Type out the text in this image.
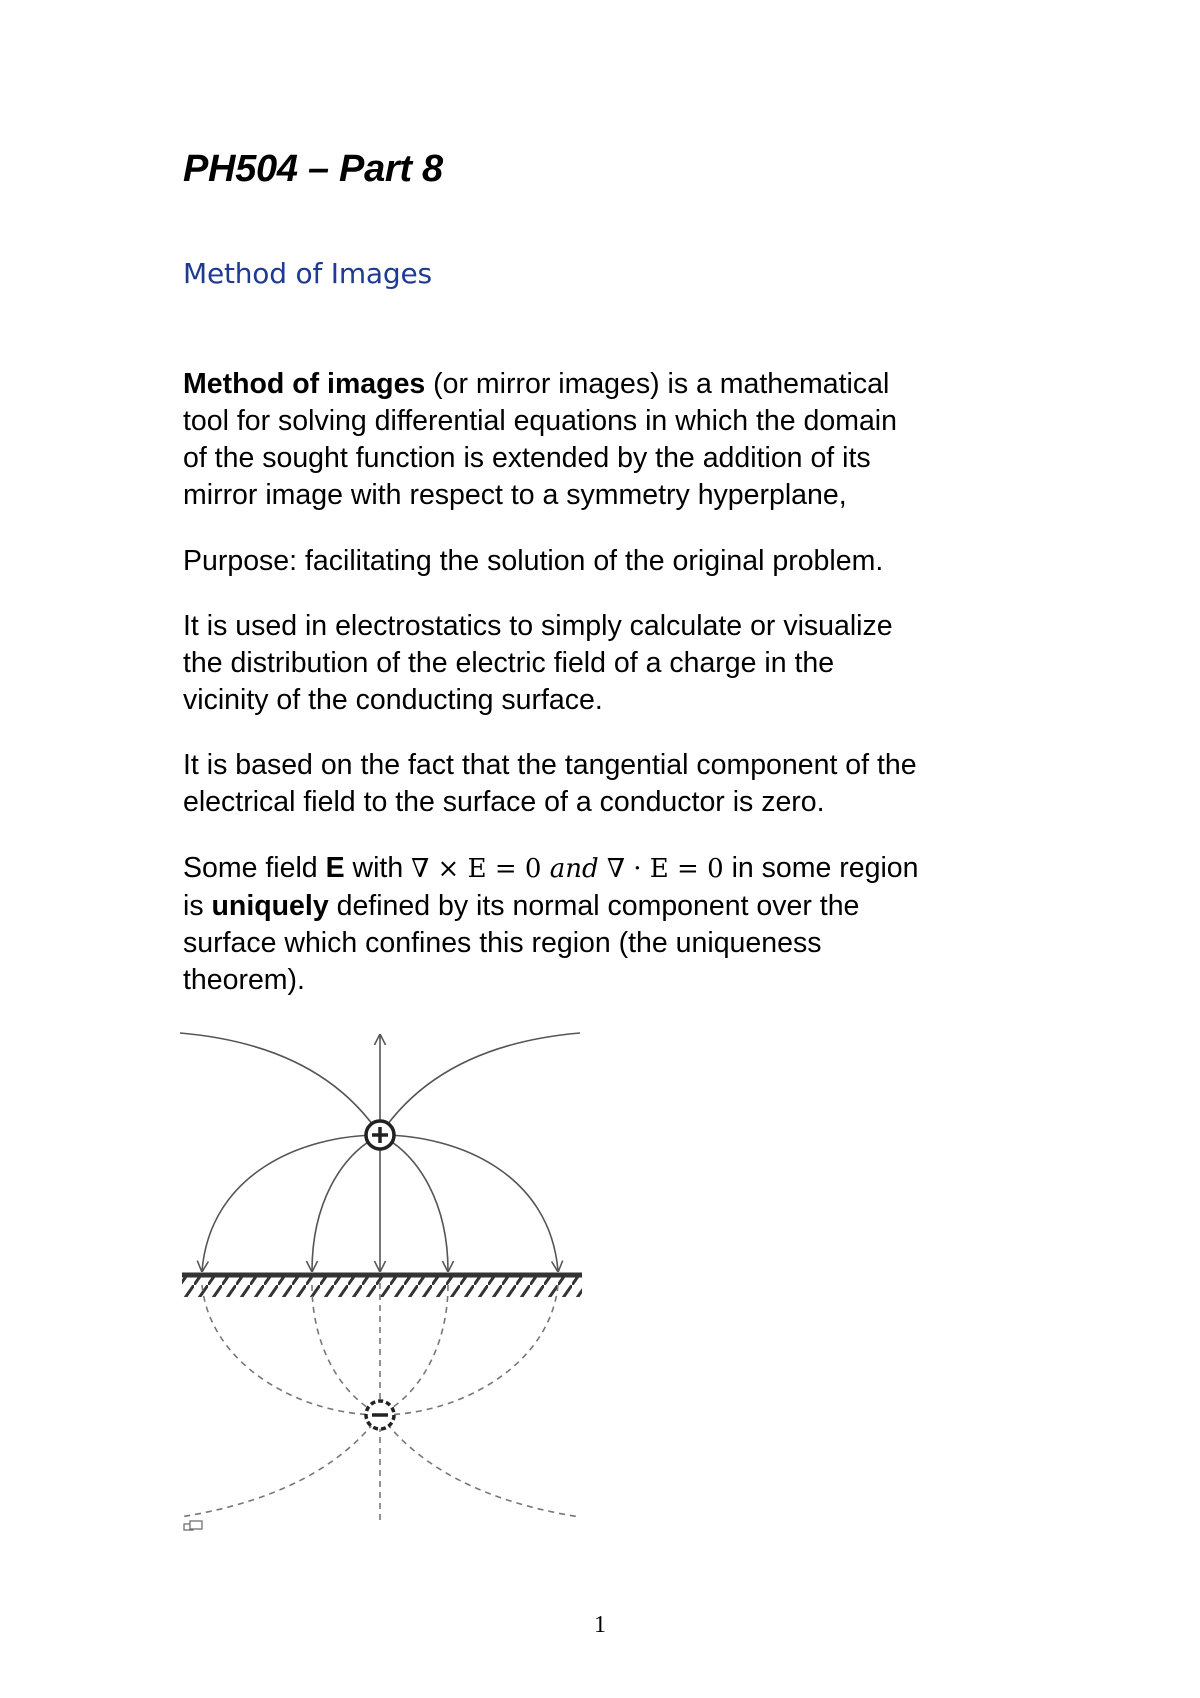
PH504 – Part 8
Method of Images
Method of images (or mirror images) is a mathematical
tool for solving differential equations in which the domain
of the sought function is extended by the addition of its
mirror image with respect to a symmetry hyperplane,
Purpose: facilitating the solution of the original problem.
It is used in electrostatics to simply calculate or visualize
the distribution of the electric field of a charge in the
vicinity of the conducting surface.
It is based on the fact that the tangential component of the
electrical field to the surface of a conductor is zero.
Some field E with ∇ × E = 0 and ∇ · E = 0 in some region
is uniquely defined by its normal component over the
surface which confines this region (the uniqueness
theorem).
1
